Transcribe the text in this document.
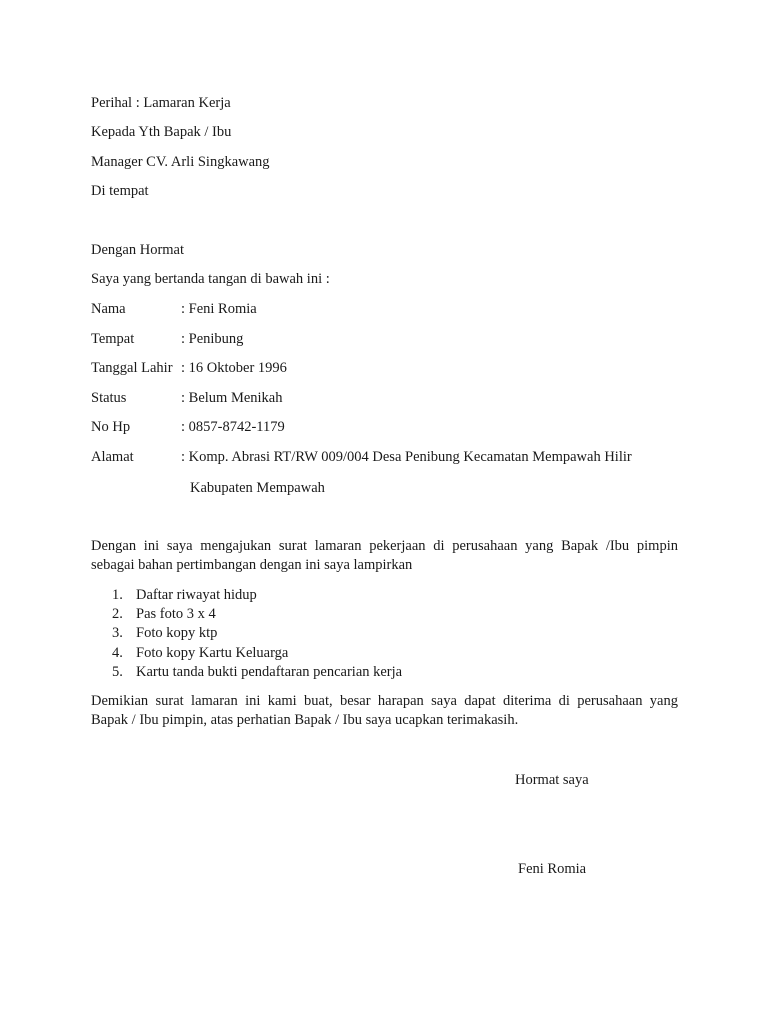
Perihal : Lamaran Kerja
Kepada Yth Bapak / Ibu
Manager CV. Arli Singkawang
Di tempat
Dengan Hormat
Saya yang bertanda tangan di bawah ini :
Nama	: Feni Romia
Tempat	: Penibung
Tanggal Lahir : 16 Oktober 1996
Status	: Belum Menikah
No Hp	: 0857-8742-1179
Alamat	: Komp. Abrasi RT/RW 009/004 Desa Penibung Kecamatan Mempawah Hilir
Kabupaten Mempawah
Dengan ini saya mengajukan surat lamaran pekerjaan di perusahaan yang Bapak /Ibu pimpin
sebagai bahan pertimbangan dengan ini saya lampirkan
1. Daftar riwayat hidup
2. Pas foto 3 x 4
3. Foto kopy ktp
4. Foto kopy Kartu Keluarga
5. Kartu tanda bukti pendaftaran pencarian kerja
Demikian surat lamaran ini kami buat, besar harapan saya dapat diterima di perusahaan yang
Bapak / Ibu pimpin, atas perhatian Bapak / Ibu saya ucapkan terimakasih.
Hormat saya
Feni Romia
